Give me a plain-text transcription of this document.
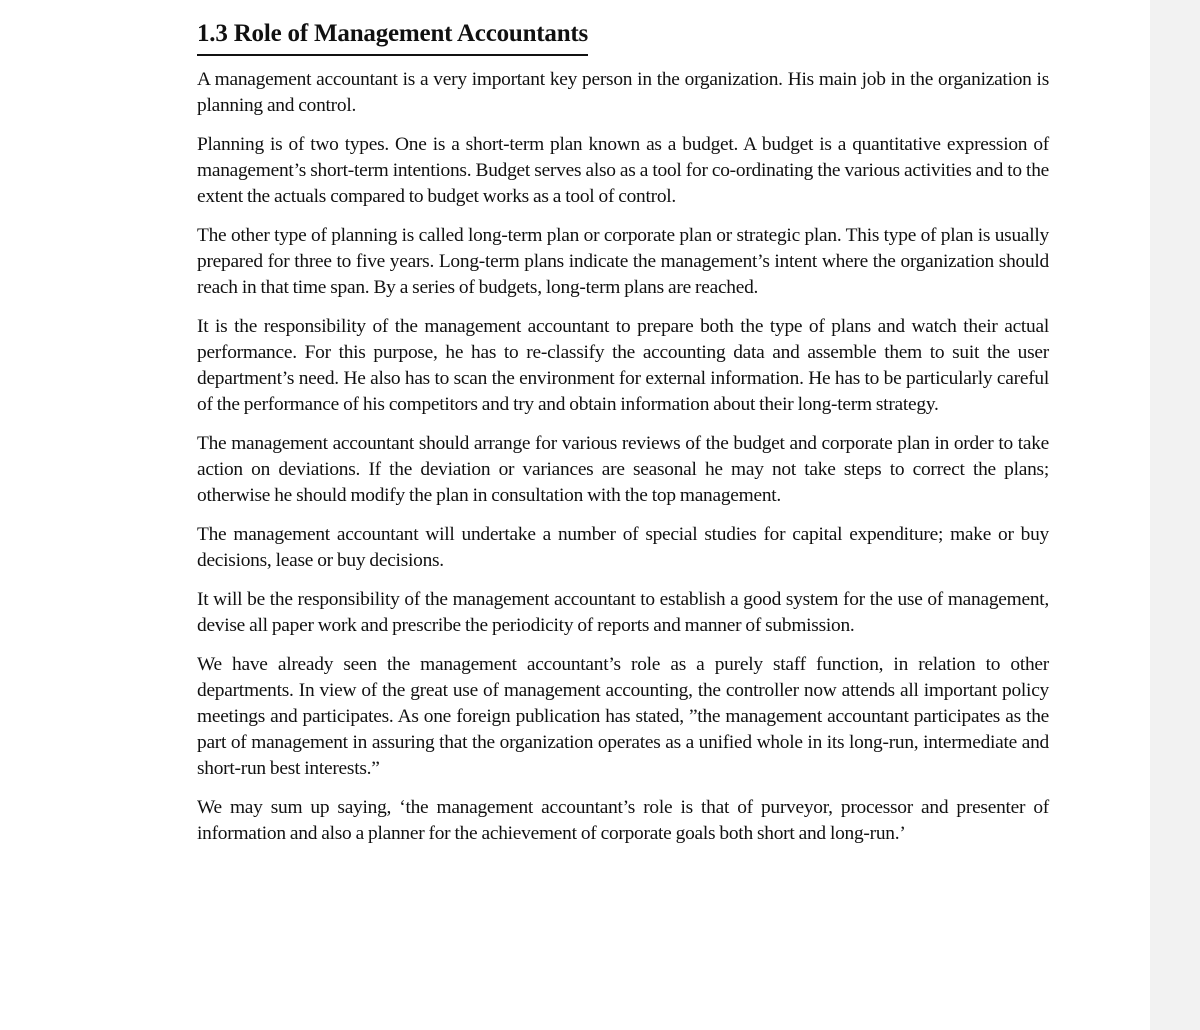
1.3 Role of Management Accountants

A management accountant is a very important key person in the organization. His main job in the organization is planning and control.

Planning is of two types. One is a short-term plan known as a budget. A budget is a quantitative expression of management’s short-term intentions. Budget serves also as a tool for co-ordinating the various activities and to the extent the actuals compared to budget works as a tool of control.

The other type of planning is called long-term plan or corporate plan or strategic plan. This type of plan is usually prepared for three to five years. Long-term plans indicate the management’s intent where the organization should reach in that time span. By a series of budgets, long-term plans are reached.

It is the responsibility of the management accountant to prepare both the type of plans and watch their actual performance. For this purpose, he has to re-classify the accounting data and assemble them to suit the user department’s need. He also has to scan the environment for external information. He has to be particularly careful of the performance of his competitors and try and obtain information about their long-term strategy.

The management accountant should arrange for various reviews of the budget and corporate plan in order to take action on deviations. If the deviation or variances are seasonal he may not take steps to correct the plans; otherwise he should modify the plan in consultation with the top management.

The management accountant will undertake a number of special studies for capital expenditure; make or buy decisions, lease or buy decisions.

It will be the responsibility of the management accountant to establish a good system for the use of management, devise all paper work and prescribe the periodicity of reports and manner of submission.

We have already seen the management accountant’s role as a purely staff function, in relation to other departments. In view of the great use of management accounting, the controller now attends all important policy meetings and participates. As one foreign publication has stated, ”the management accountant participates as the part of management in assuring that the organization operates as a unified whole in its long-run, intermediate and short-run best interests.”

We may sum up saying, ‘the management accountant’s role is that of purveyor, processor and presenter of information and also a planner for the achievement of corporate goals both short and long-run.’
